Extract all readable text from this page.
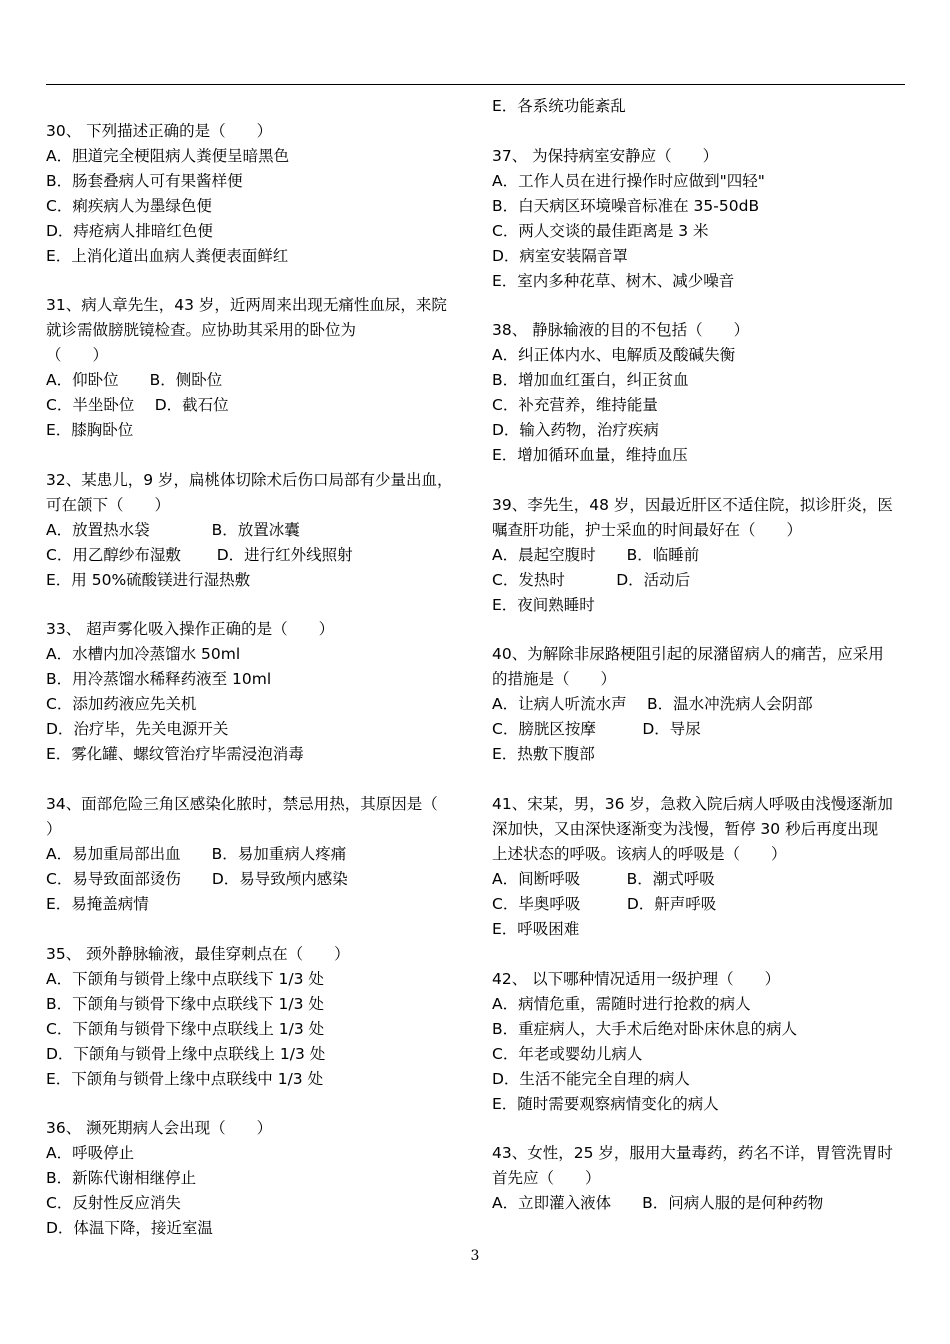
30、 下列描述正确的是（　　）
A．胆道完全梗阻病人粪便呈暗黑色
B．肠套叠病人可有果酱样便
C．痢疾病人为墨绿色便
D．痔疮病人排暗红色便
E．上消化道出血病人粪便表面鲜红
31、病人章先生，43 岁，近两周来出现无痛性血尿，来院
就诊需做膀胱镜检查。应协助其采用的卧位为
（　　）
A．仰卧位　　B．侧卧位
C．半坐卧位　 D．截石位
E．膝胸卧位
32、某患儿，9 岁，扁桃体切除术后伤口局部有少量出血，
可在颌下（　　）
A．放置热水袋　　　　B．放置冰囊
C．用乙醇纱布湿敷　　 D．进行红外线照射
E．用 50%硫酸镁进行湿热敷
33、 超声雾化吸入操作正确的是（　　）
A．水槽内加冷蒸馏水 50ml
B．用冷蒸馏水稀释药液至 10ml
C．添加药液应先关机
D．治疗毕，先关电源开关
E．雾化罐、螺纹管治疗毕需浸泡消毒
34、面部危险三角区感染化脓时，禁忌用热，其原因是（
）
A．易加重局部出血　　B．易加重病人疼痛
C．易导致面部烫伤　　D．易导致颅内感染
E．易掩盖病情
35、 颈外静脉输液，最佳穿刺点在（　　）
A．下颌角与锁骨上缘中点联线下 1/3 处
B．下颌角与锁骨下缘中点联线下 1/3 处
C．下颌角与锁骨下缘中点联线上 1/3 处
D．下颌角与锁骨上缘中点联线上 1/3 处
E．下颌角与锁骨上缘中点联线中 1/3 处
36、 濒死期病人会出现（　　）
A．呼吸停止
B．新陈代谢相继停止
C．反射性反应消失
D．体温下降，接近室温
E．各系统功能紊乱
37、 为保持病室安静应（　　）
A．工作人员在进行操作时应做到"四轻"
B．白天病区环境噪音标准在 35-50dB
C．两人交谈的最佳距离是 3 米
D．病室安装隔音罩
E．室内多种花草、树木、减少噪音
38、 静脉输液的目的不包括（　　）
A．纠正体内水、电解质及酸碱失衡
B．增加血红蛋白，纠正贫血
C．补充营养，维持能量
D．输入药物，治疗疾病
E．增加循环血量，维持血压
39、李先生，48 岁，因最近肝区不适住院，拟诊肝炎，医
嘱查肝功能，护士采血的时间最好在（　　）
A．晨起空腹时　　B．临睡前
C．发热时　　　 D．活动后
E．夜间熟睡时
40、为解除非尿路梗阻引起的尿潴留病人的痛苦，应采用
的措施是（　　）
A．让病人听流水声　 B．温水冲洗病人会阴部
C．膀胱区按摩　　　D．导尿
E．热敷下腹部
41、宋某，男，36 岁，急救入院后病人呼吸由浅慢逐渐加
深加快，又由深快逐渐变为浅慢，暂停 30 秒后再度出现
上述状态的呼吸。该病人的呼吸是（　　）
A．间断呼吸　　　B．潮式呼吸
C．毕奥呼吸　　　D．鼾声呼吸
E．呼吸困难
42、 以下哪种情况适用一级护理（　　）
A．病情危重，需随时进行抢救的病人
B．重症病人，大手术后绝对卧床休息的病人
C．年老或婴幼儿病人
D．生活不能完全自理的病人
E．随时需要观察病情变化的病人
43、女性，25 岁，服用大量毒药，药名不详，胃管洗胃时
首先应（　　）
A．立即灌入液体　　B．问病人服的是何种药物
3
